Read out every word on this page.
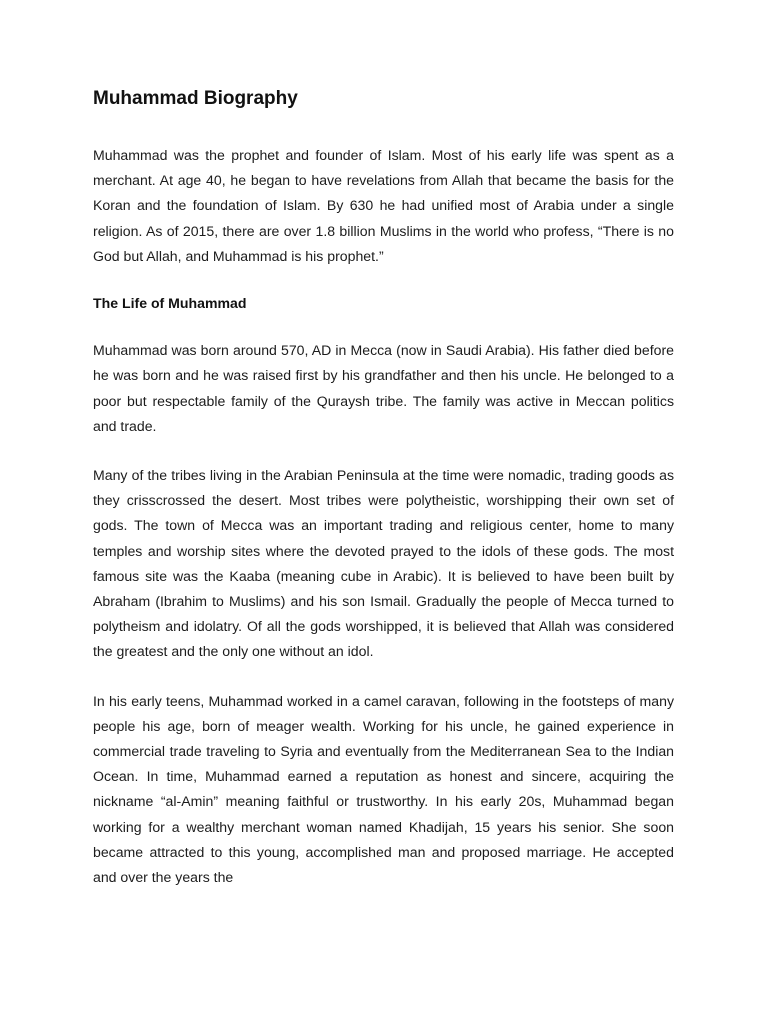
Muhammad Biography

Muhammad was the prophet and founder of Islam. Most of his early life was spent as a merchant. At age 40, he began to have revelations from Allah that became the basis for the Koran and the foundation of Islam. By 630 he had unified most of Arabia under a single religion. As of 2015, there are over 1.8 billion Muslims in the world who profess, “There is no God but Allah, and Muhammad is his prophet.”

The Life of Muhammad

Muhammad was born around 570, AD in Mecca (now in Saudi Arabia). His father died before he was born and he was raised first by his grandfather and then his uncle. He belonged to a poor but respectable family of the Quraysh tribe. The family was active in Meccan politics and trade.

Many of the tribes living in the Arabian Peninsula at the time were nomadic, trading goods as they crisscrossed the desert. Most tribes were polytheistic, worshipping their own set of gods. The town of Mecca was an important trading and religious center, home to many temples and worship sites where the devoted prayed to the idols of these gods. The most famous site was the Kaaba (meaning cube in Arabic). It is believed to have been built by Abraham (Ibrahim to Muslims) and his son Ismail. Gradually the people of Mecca turned to polytheism and idolatry. Of all the gods worshipped, it is believed that Allah was considered the greatest and the only one without an idol.

In his early teens, Muhammad worked in a camel caravan, following in the footsteps of many people his age, born of meager wealth. Working for his uncle, he gained experience in commercial trade traveling to Syria and eventually from the Mediterranean Sea to the Indian Ocean. In time, Muhammad earned a reputation as honest and sincere, acquiring the nickname “al-Amin” meaning faithful or trustworthy. In his early 20s, Muhammad began working for a wealthy merchant woman named Khadijah, 15 years his senior. She soon became attracted to this young, accomplished man and proposed marriage. He accepted and over the years the
